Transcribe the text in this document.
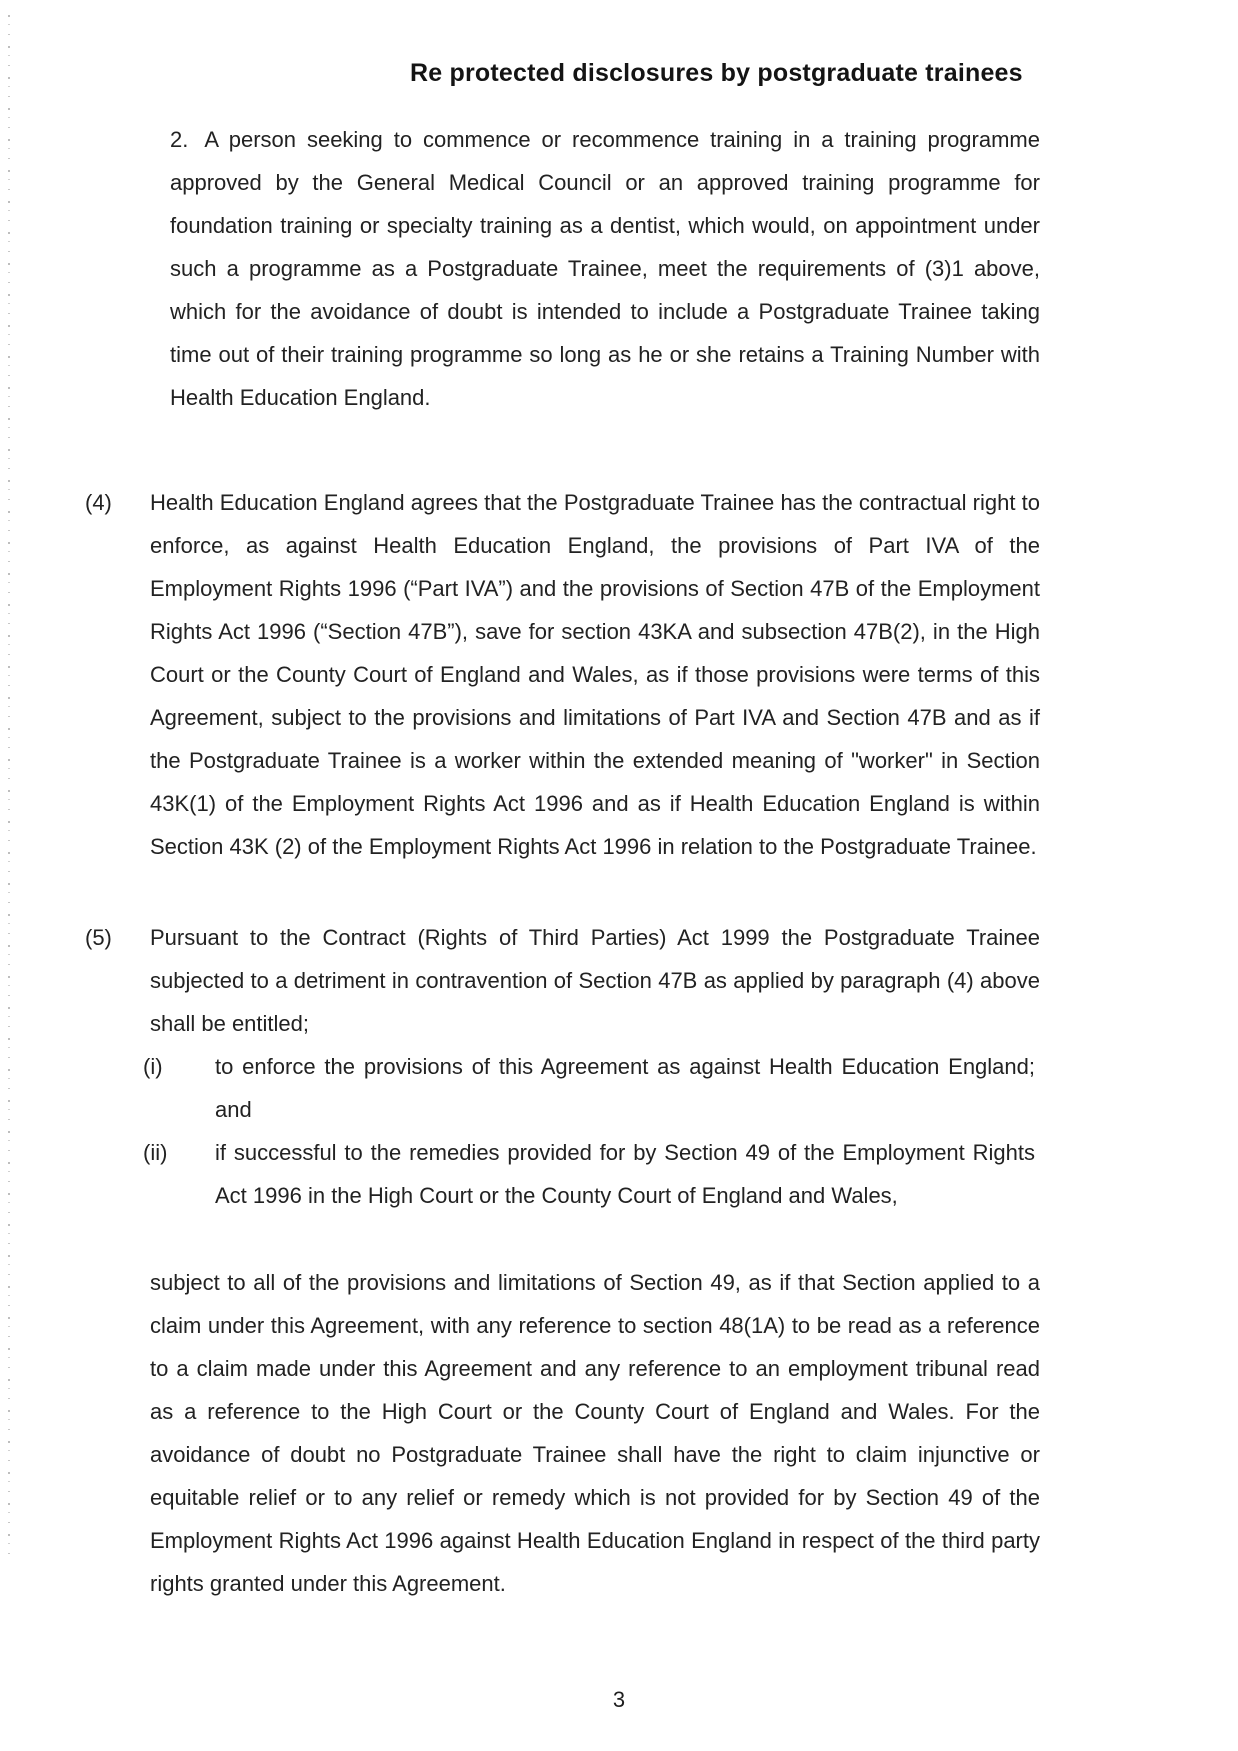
Re protected disclosures by postgraduate trainees

2. A person seeking to commence or recommence training in a training programme approved by the General Medical Council or an approved training programme for foundation training or specialty training as a dentist, which would, on appointment under such a programme as a Postgraduate Trainee, meet the requirements of (3)1 above, which for the avoidance of doubt is intended to include a Postgraduate Trainee taking time out of their training programme so long as he or she retains a Training Number with Health Education England.

(4)	Health Education England agrees that the Postgraduate Trainee has the contractual right to enforce, as against Health Education England, the provisions of Part IVA of the Employment Rights 1996 (“Part IVA”) and the provisions of Section 47B of the Employment Rights Act 1996 (“Section 47B”), save for section 43KA and subsection 47B(2), in the High Court or the County Court of England and Wales, as if those provisions were terms of this Agreement, subject to the provisions and limitations of Part IVA and Section 47B and as if the Postgraduate Trainee is a worker within the extended meaning of "worker" in Section 43K(1) of the Employment Rights Act 1996 and as if Health Education England is within Section 43K (2) of the Employment Rights Act 1996 in relation to the Postgraduate Trainee.
(5)	Pursuant to the Contract (Rights of Third Parties) Act 1999 the Postgraduate Trainee subjected to a detriment in contravention of Section 47B as applied by paragraph (4) above shall be entitled;
(i)	to enforce the provisions of this Agreement as against Health Education England; and
(ii)	if successful to the remedies provided for by Section 49 of the Employment Rights Act 1996 in the High Court or the County Court of England and Wales,

subject to all of the provisions and limitations of Section 49, as if that Section applied to a claim under this Agreement, with any reference to section 48(1A) to be read as a reference to a claim made under this Agreement and any reference to an employment tribunal read as a reference to the High Court or the County Court of England and Wales. For the avoidance of doubt no Postgraduate Trainee shall have the right to claim injunctive or equitable relief or to any relief or remedy which is not provided for by Section 49 of the Employment Rights Act 1996 against Health Education England in respect of the third party rights granted under this Agreement.

3
